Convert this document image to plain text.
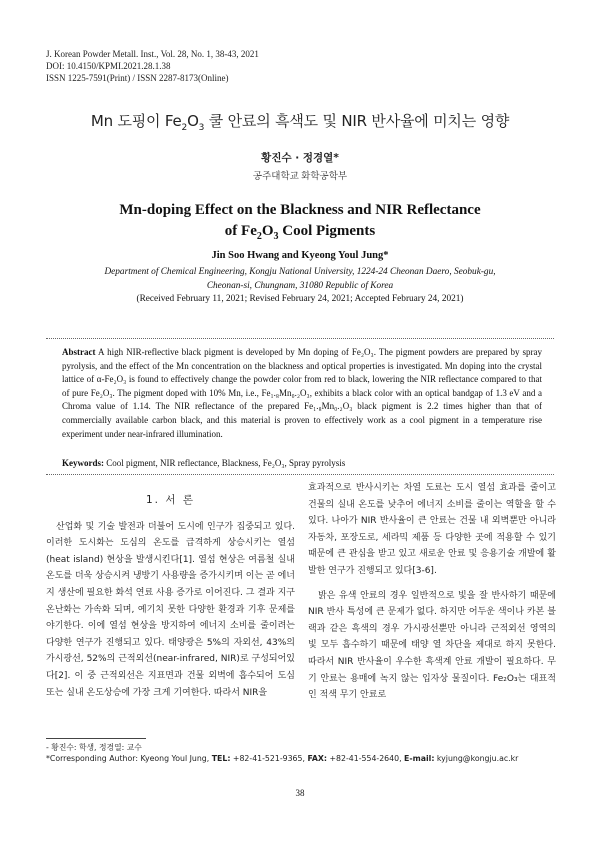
J. Korean Powder Metall. Inst., Vol. 28, No. 1, 38-43, 2021
DOI: 10.4150/KPMI.2021.28.1.38
ISSN 1225-7591(Print) / ISSN 2287-8173(Online)
Mn 도핑이 $Fe_2O_3$ 쿨 안료의 흑색도 및 NIR 반사율에 미치는 영향
황진수 · 정경열*
공주대학교 화학공학부
Mn-doping Effect on the Blackness and NIR Reflectance
of $Fe_2O_3$ Cool Pigments
Jin Soo Hwang and Kyeong Youl Jung*
Department of Chemical Engineering, Kongju National University, 1224-24 Cheonan Daero, Seobuk-gu,
Cheonan-si, Chungnam, 31080 Republic of Korea
(Received February 11, 2021; Revised February 24, 2021; Accepted February 24, 2021)
Abstract A high NIR-reflective black pigment is developed by Mn doping of Fe₂O₃. The pigment powders are prepared by spray pyrolysis, and the effect of the Mn concentration on the blackness and optical properties is investigated. Mn doping into the crystal lattice of α-Fe₂O₃ is found to effectively change the powder color from red to black, lowering the NIR reflectance compared to that of pure Fe₂O₃. The pigment doped with 10% Mn, i.e., Fe₁.₈Mn₀.₂O₃, exhibits a black color with an optical bandgap of 1.3 eV and a Chroma value of 1.14. The NIR reflectance of the prepared Fe₁.₈Mn₀.₂O₃ black pigment is 2.2 times higher than that of commercially available carbon black, and this material is proven to effectively work as a cool pigment in a temperature rise experiment under near-infrared illumination.
Keywords: Cool pigment, NIR reflectance, Blackness, Fe₂O₃, Spray pyrolysis
1. 서 론

산업화 및 기술 발전과 더불어 도시에 인구가 집중되고 있다. 이러한 도시화는 도심의 온도를 급격하게 상승시키는 열섬(heat island) 현상을 발생시킨다[1]. 열섬 현상은 여름철 실내 온도를 더욱 상승시켜 냉방기 사용량을 증가시키며 이는 곧 에너지 생산에 필요한 화석 연료 사용 증가로 이어진다. 그 결과 지구 온난화는 가속화 되며, 예기치 못한 다양한 환경과 기후 문제를 야기한다. 이에 열섬 현상을 방지하여 에너지 소비를 줄이려는 다양한 연구가 진행되고 있다. 태양광은 5%의 자외선, 43%의 가시광선, 52%의 근적외선(near-infrared, NIR)로 구성되어있다[2]. 이 중 근적외선은 지표면과 건물 외벽에 흡수되어 도심 또는 실내 온도상승에 가장 크게 기여한다. 따라서 NIR을

효과적으로 반사시키는 차열 도료는 도시 열섬 효과를 줄이고 건물의 실내 온도를 낮추어 에너지 소비를 줄이는 역할을 할 수 있다. 나아가 NIR 반사율이 큰 안료는 건물 내 외벽뿐만 아니라 자동차, 포장도로, 세라믹 제품 등 다양한 곳에 적용할 수 있기 때문에 큰 관심을 받고 있고 새로운 안료 및 응용기술 개발에 활발한 연구가 진행되고 있다[3-6].

밝은 유색 안료의 경우 일반적으로 빛을 잘 반사하기 때문에 NIR 반사 특성에 큰 문제가 없다. 하지만 어두운 색이나 카본 블랙과 같은 흑색의 경우 가시광선뿐만 아니라 근적외선 영역의 빛 모두 흡수하기 때문에 태양 열 차단을 제대로 하지 못한다. 따라서 NIR 반사율이 우수한 흑색계 안료 개발이 필요하다. 무기 안료는 용매에 녹지 않는 입자상 물질이다. Fe₂O₃는 대표적인 적색 무기 안료로

- 황진수: 학생, 정경열: 교수
*Corresponding Author: Kyeong Youl Jung, TEL: +82-41-521-9365, FAX: +82-41-554-2640, E-mail: kyjung@kongju.ac.kr
38
